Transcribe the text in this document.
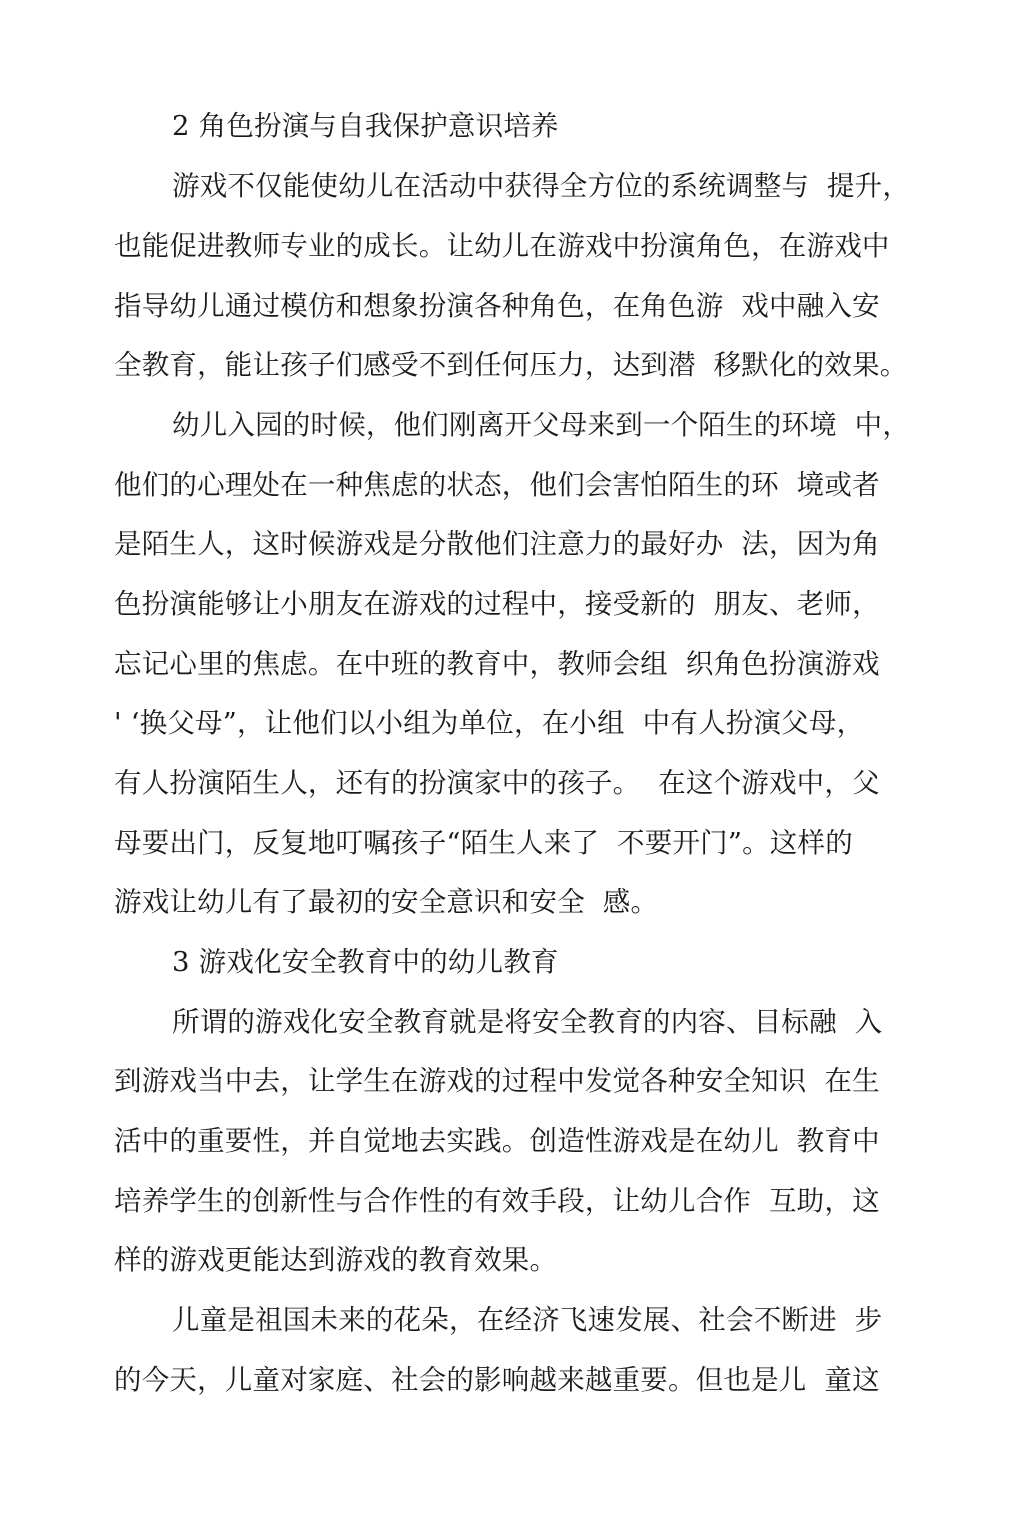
2 角色扮演与自我保护意识培养
游戏不仅能使幼儿在活动中获得全方位的系统调整与  提升，
也能促进教师专业的成长。让幼儿在游戏中扮演角色，在游戏中
指导幼儿通过模仿和想象扮演各种角色，在角色游  戏中融入安
全教育，能让孩子们感受不到任何压力，达到潜  移默化的效果。
幼儿入园的时候，他们刚离开父母来到一个陌生的环境  中，
他们的心理处在一种焦虑的状态，他们会害怕陌生的环  境或者
是陌生人，这时候游戏是分散他们注意力的最好办  法，因为角
色扮演能够让小朋友在游戏的过程中，接受新的  朋友、老师，
忘记心里的焦虑。在中班的教育中，教师会组  织角色扮演游戏
' ‘换父母”，让他们以小组为单位，在小组  中有人扮演父母，
有人扮演陌生人，还有的扮演家中的孩子。  在这个游戏中，父
母要出门，反复地叮嘱孩子“陌生人来了  不要开门”。这样的
游戏让幼儿有了最初的安全意识和安全  感。
3 游戏化安全教育中的幼儿教育
所谓的游戏化安全教育就是将安全教育的内容、目标融  入
到游戏当中去，让学生在游戏的过程中发觉各种安全知识  在生
活中的重要性，并自觉地去实践。创造性游戏是在幼儿  教育中
培养学生的创新性与合作性的有效手段，让幼儿合作  互助，这
样的游戏更能达到游戏的教育效果。
儿童是祖国未来的花朵，在经济飞速发展、社会不断进  步
的今天，儿童对家庭、社会的影响越来越重要。但也是儿  童这
